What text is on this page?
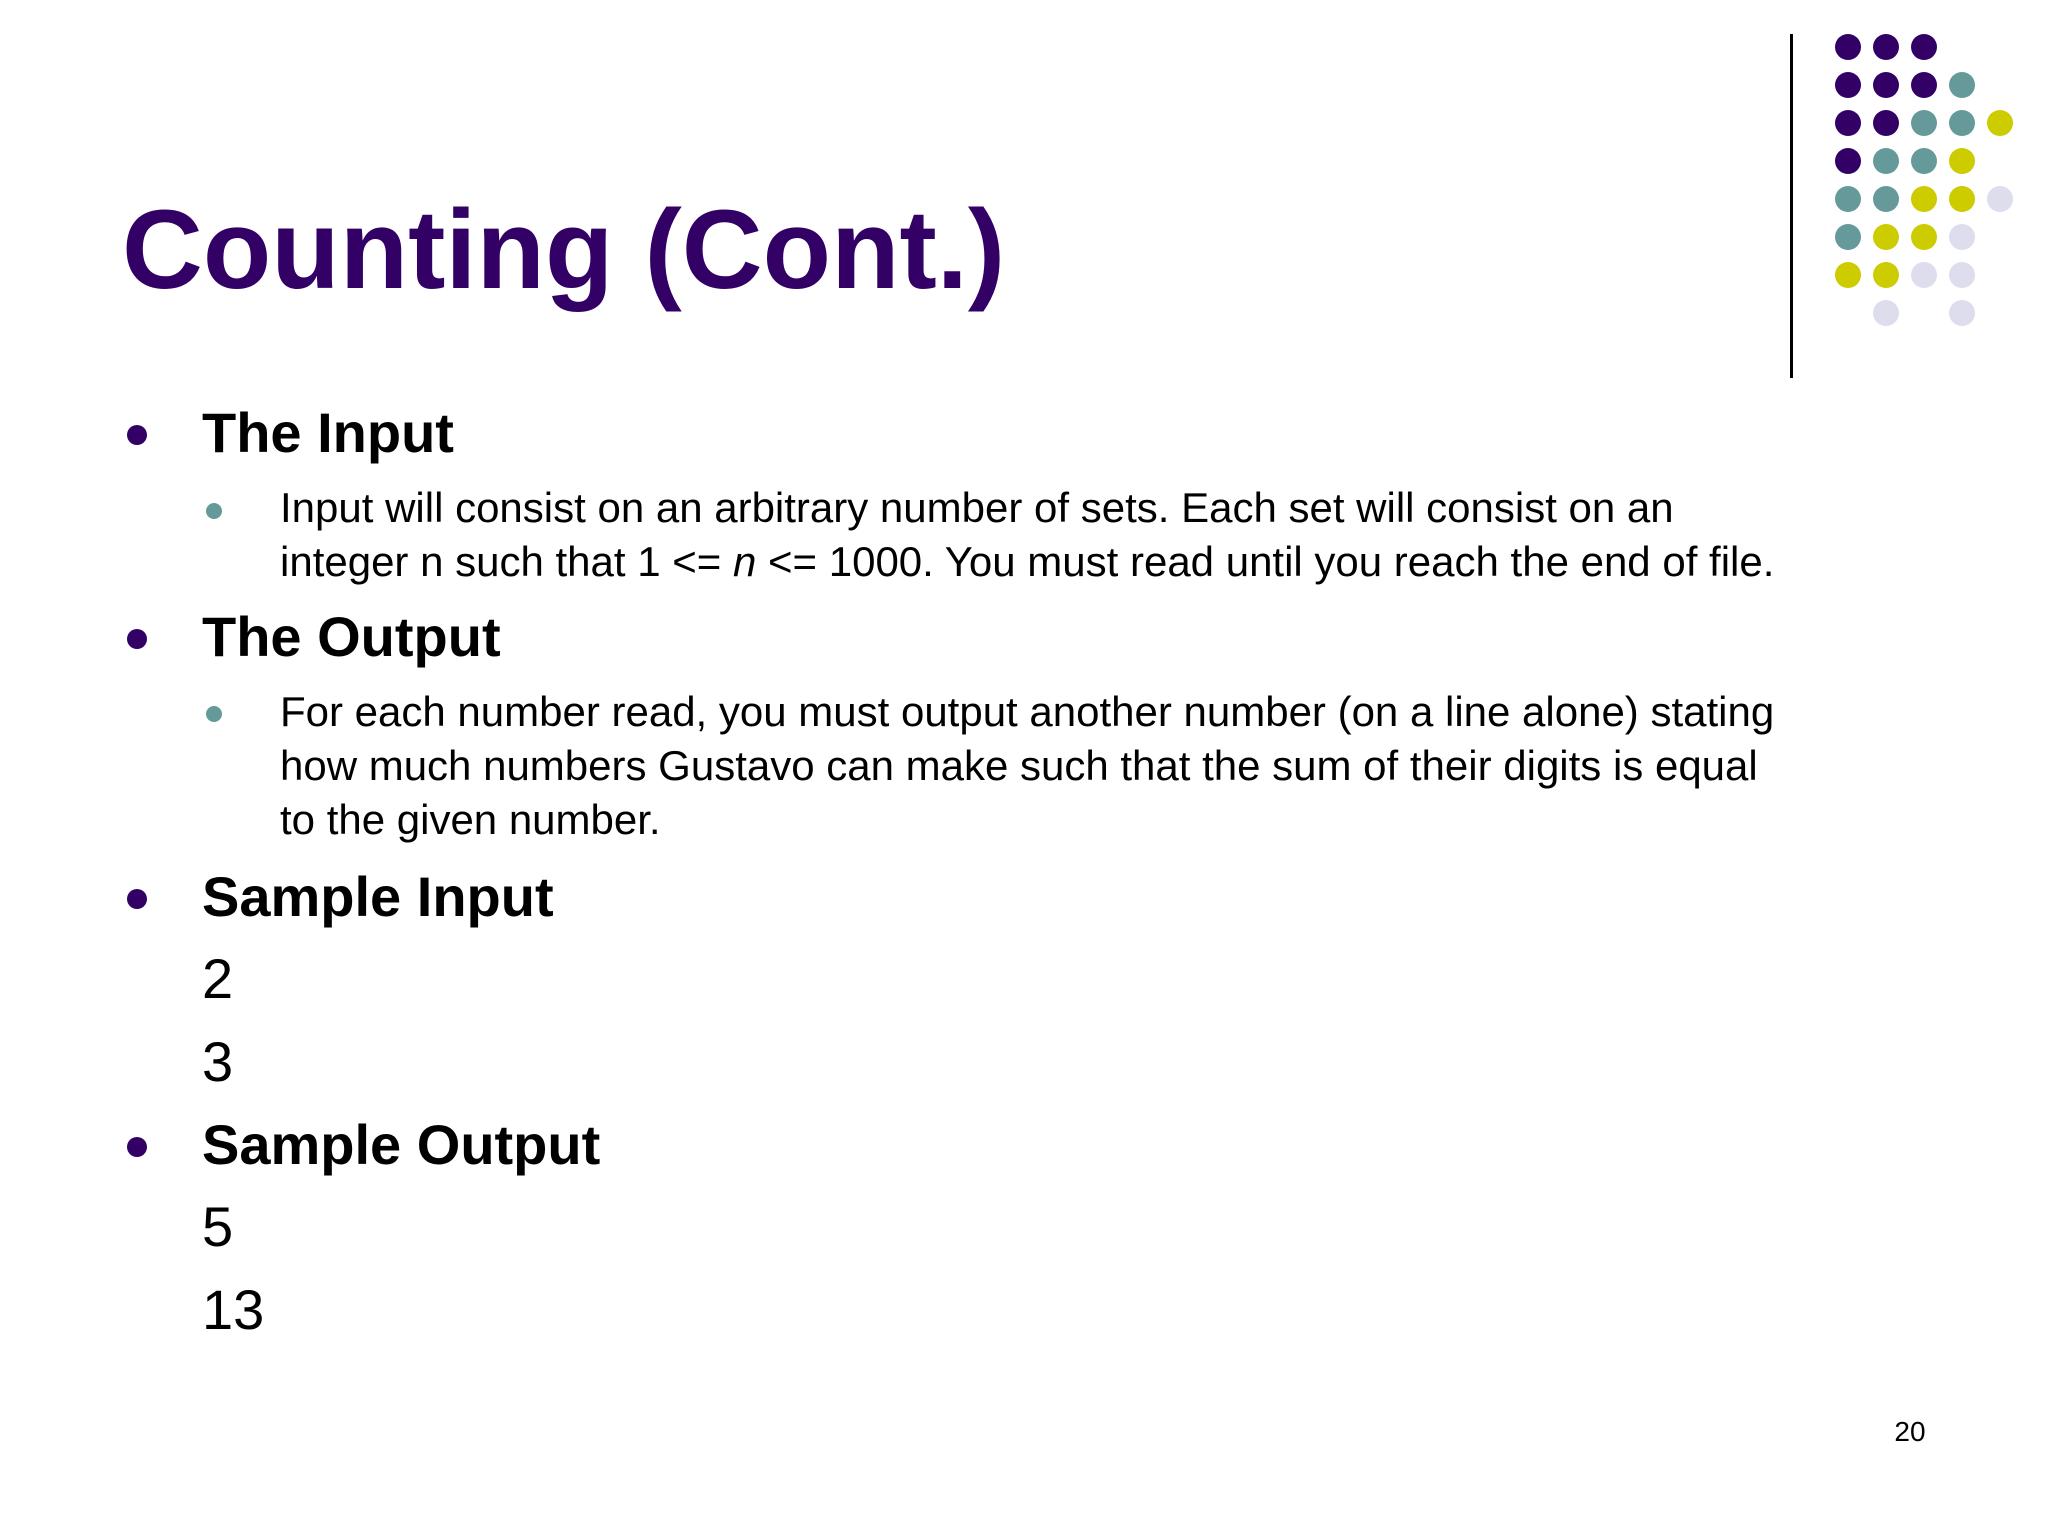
Counting (Cont.)
The Input

Input will consist on an arbitrary number of sets. Each set will consist on an
integer n such that 1 <= n <= 1000. You must read until you reach the end of file.

The Output

For each number read, you must output another number (on a line alone) stating
how much numbers Gustavo can make such that the sum of their digits is equal
to the given number.

Sample Input
2
3
Sample Output
5
13
20
